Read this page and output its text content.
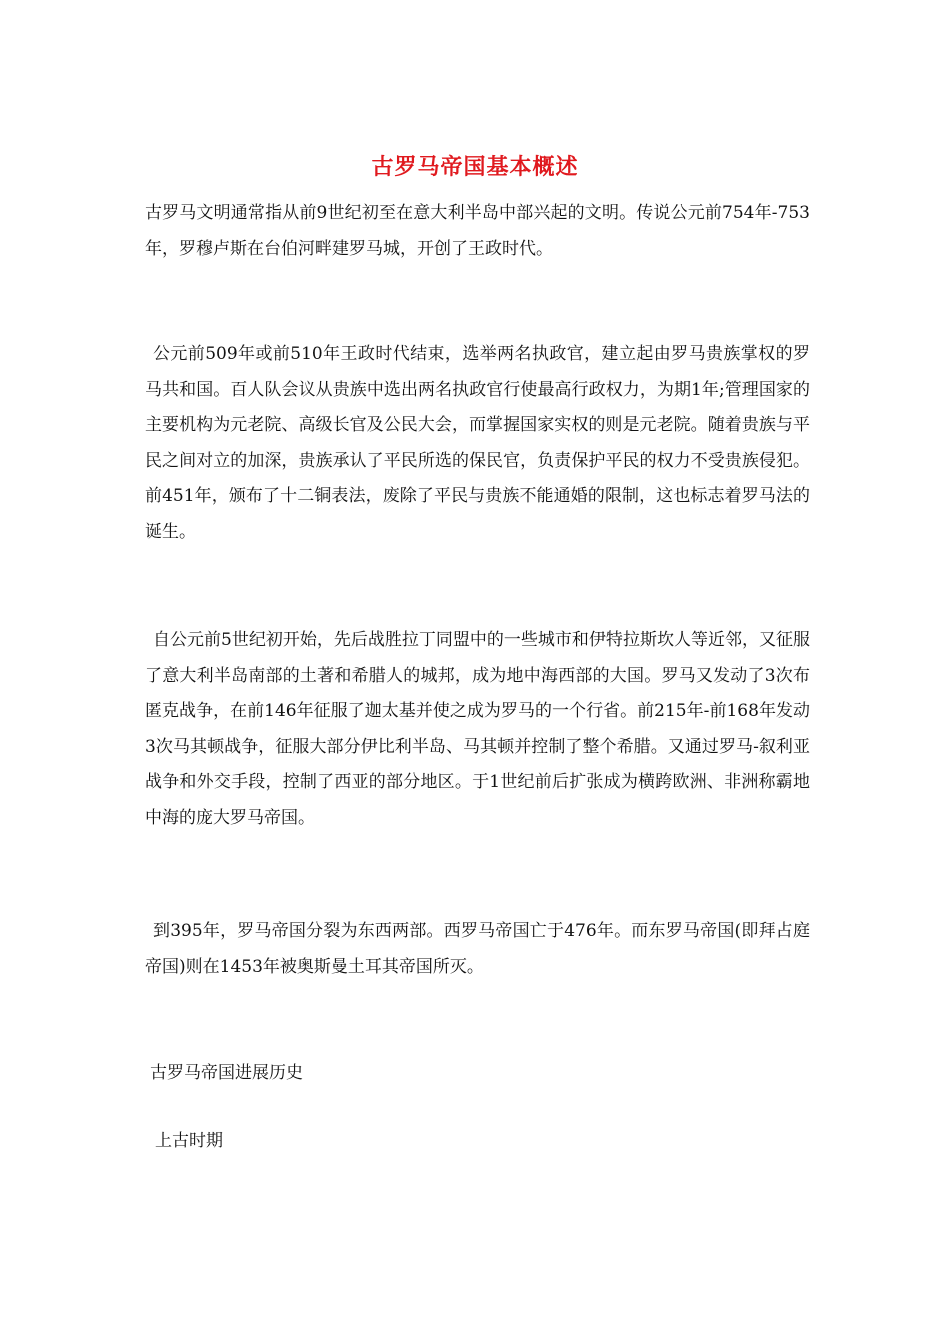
古罗马帝国基本概述
古罗马文明通常指从前9世纪初至在意大利半岛中部兴起的文明。传说公元前754年-753年，罗穆卢斯在台伯河畔建罗马城，开创了王政时代。
公元前509年或前510年王政时代结束，选举两名执政官，建立起由罗马贵族掌权的罗马共和国。百人队会议从贵族中选出两名执政官行使最高行政权力，为期1年;管理国家的主要机构为元老院、高级长官及公民大会，而掌握国家实权的则是元老院。随着贵族与平民之间对立的加深，贵族承认了平民所选的保民官，负责保护平民的权力不受贵族侵犯。前451年，颁布了十二铜表法，废除了平民与贵族不能通婚的限制，这也标志着罗马法的诞生。
自公元前5世纪初开始，先后战胜拉丁同盟中的一些城市和伊特拉斯坎人等近邻，又征服了意大利半岛南部的土著和希腊人的城邦，成为地中海西部的大国。罗马又发动了3次布匿克战争，在前146年征服了迦太基并使之成为罗马的一个行省。前215年-前168年发动3次马其顿战争，征服大部分伊比利半岛、马其顿并控制了整个希腊。又通过罗马-叙利亚战争和外交手段，控制了西亚的部分地区。于1世纪前后扩张成为横跨欧洲、非洲称霸地中海的庞大罗马帝国。
到395年，罗马帝国分裂为东西两部。西罗马帝国亡于476年。而东罗马帝国(即拜占庭帝国)则在1453年被奥斯曼土耳其帝国所灭。
古罗马帝国进展历史
上古时期
